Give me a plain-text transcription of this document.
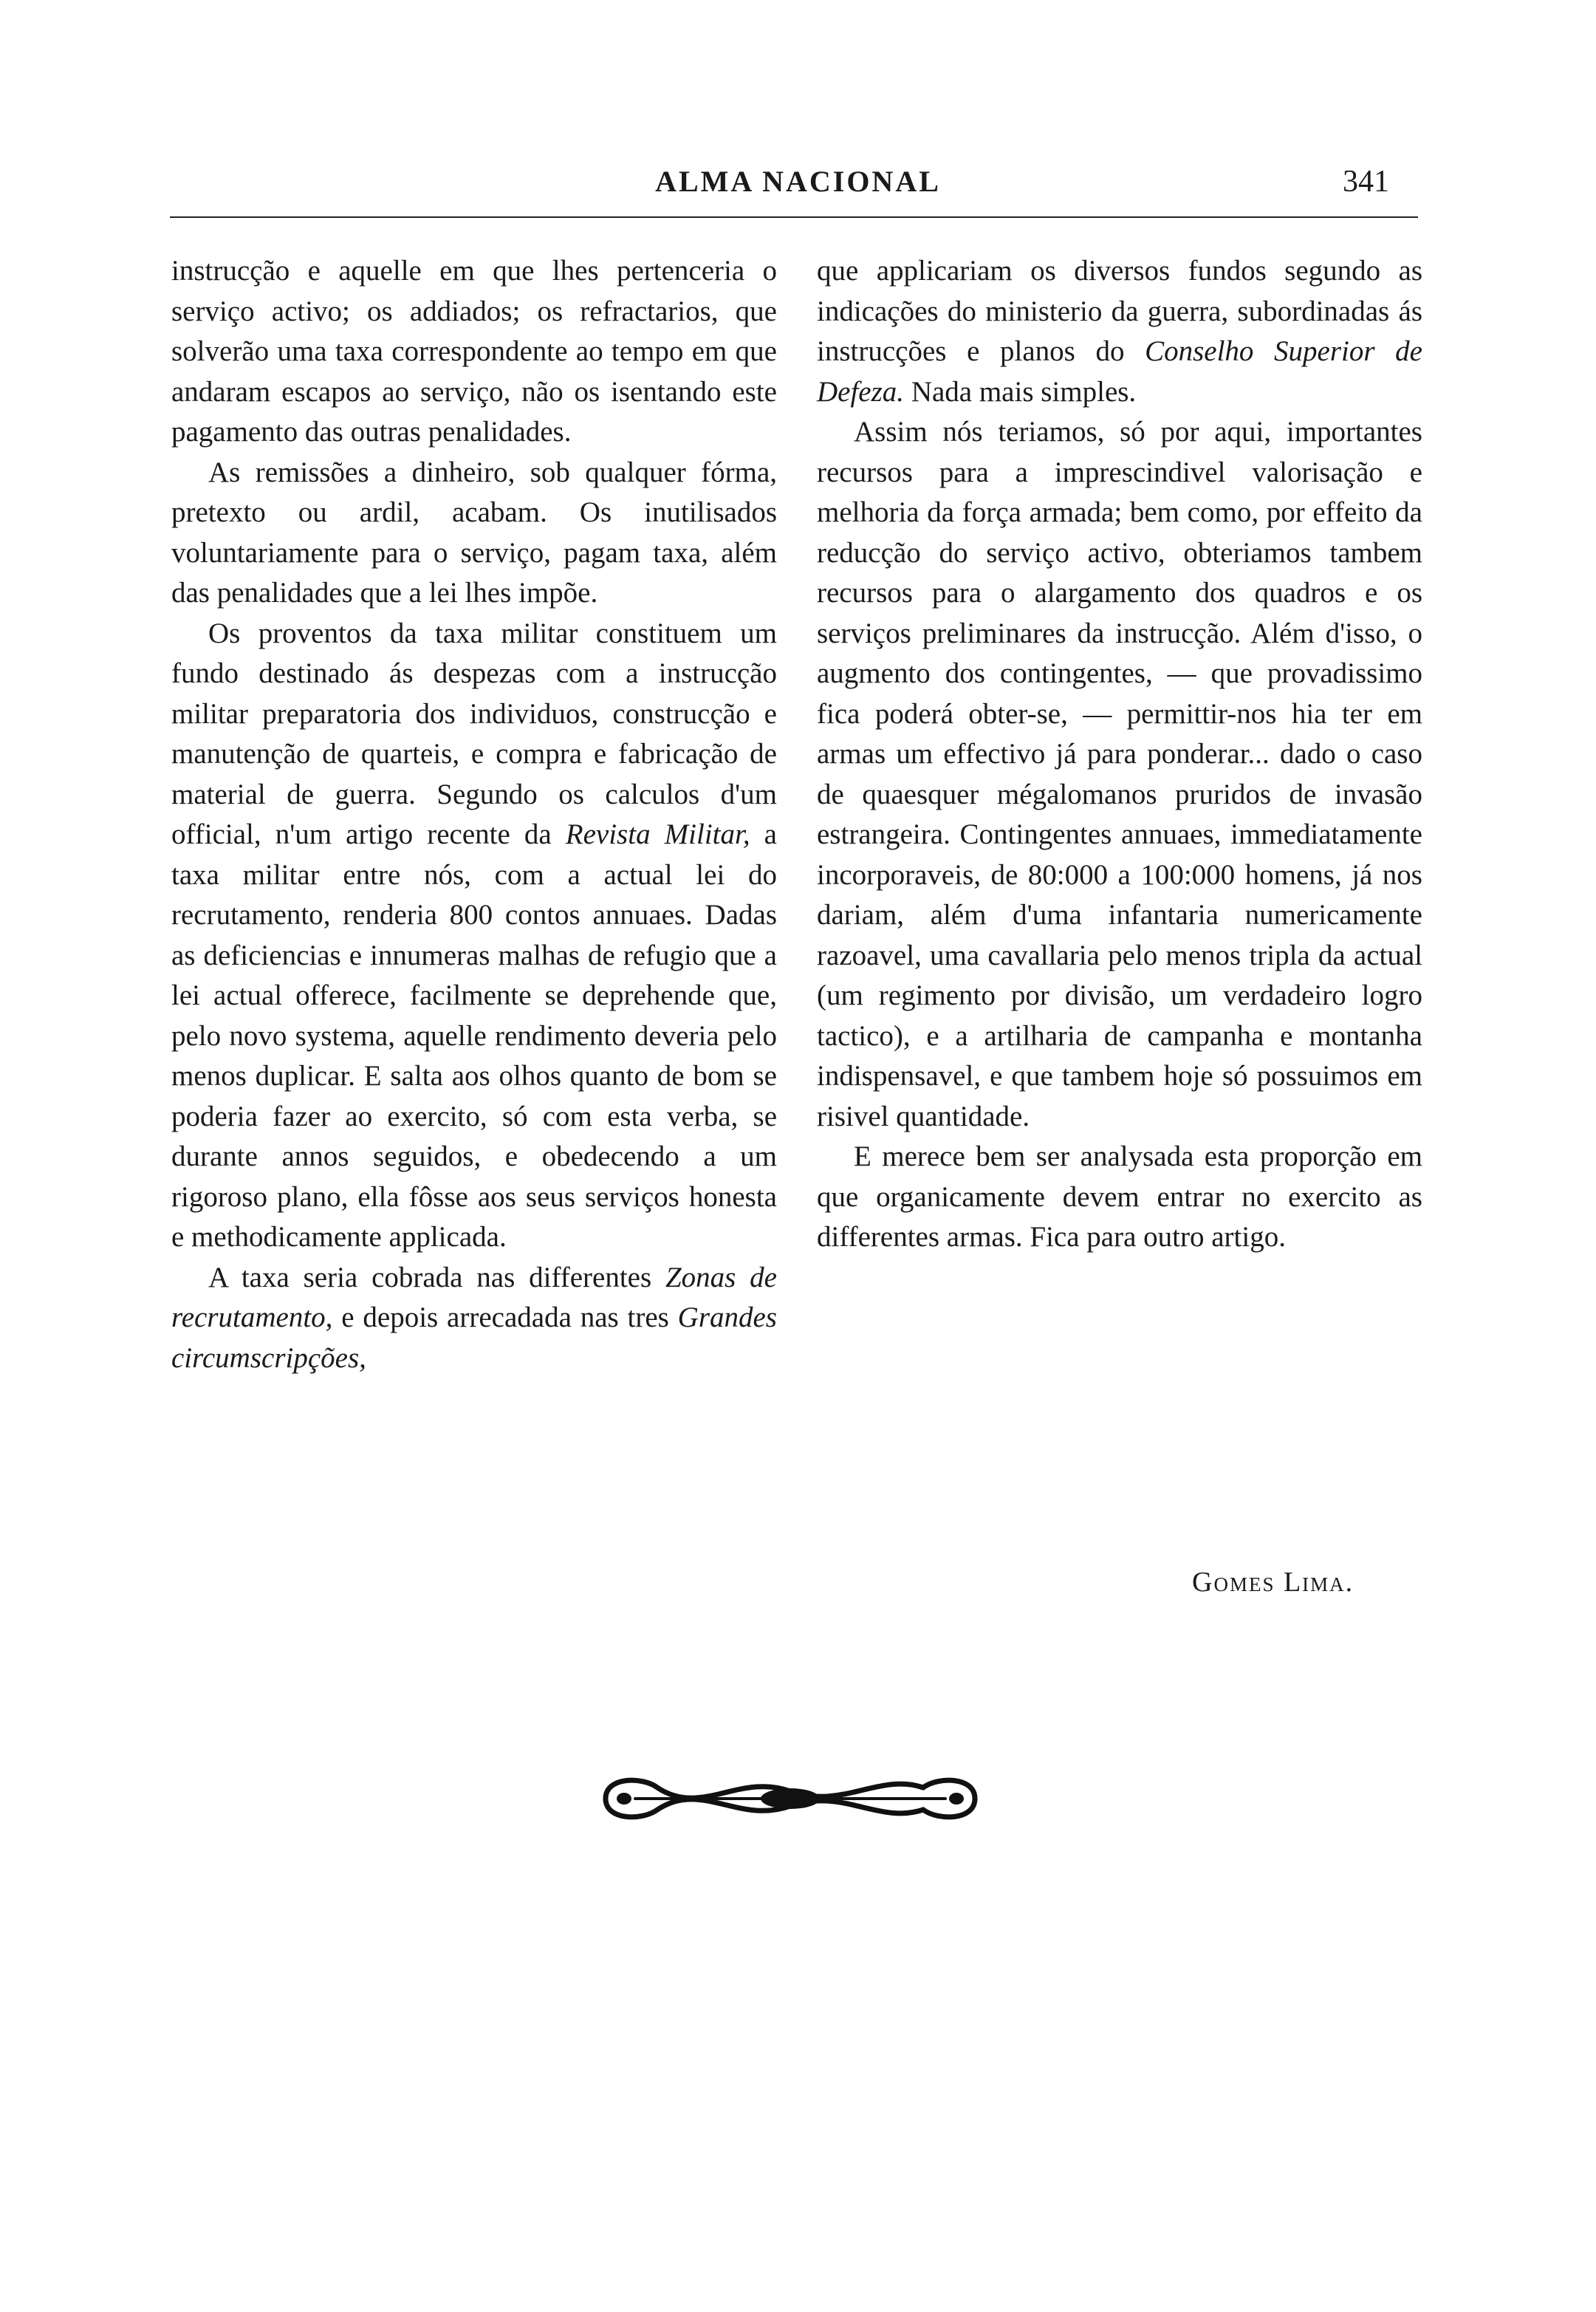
ALMA NACIONAL	341

instrucção e aquelle em que lhes pertenceria o serviço activo; os addiados; os refractarios, que solverão uma taxa correspondente ao tempo em que andaram escapos ao serviço, não os isentando este pagamento das outras penalidades.

As remissões a dinheiro, sob qualquer fórma, pretexto ou ardil, acabam. Os inutilisados voluntariamente para o serviço, pagam taxa, além das penalidades que a lei lhes impõe.

Os proventos da taxa militar constituem um fundo destinado ás despezas com a instrucção militar preparatoria dos individuos, construcção e manutenção de quarteis, e compra e fabricação de material de guerra. Segundo os calculos d'um official, n'um artigo recente da Revista Militar, a taxa militar entre nós, com a actual lei do recrutamento, renderia 800 contos annuaes. Dadas as deficiencias e innumeras malhas de refugio que a lei actual offerece, facilmente se deprehende que, pelo novo systema, aquelle rendimento deveria pelo menos duplicar. E salta aos olhos quanto de bom se poderia fazer ao exercito, só com esta verba, se durante annos seguidos, e obedecendo a um rigoroso plano, ella fôsse aos seus serviços honesta e methodicamente applicada.

A taxa seria cobrada nas differentes Zonas de recrutamento, e depois arrecadada nas tres Grandes circumscripções,

que applicariam os diversos fundos segundo as indicações do ministerio da guerra, subordinadas ás instrucções e planos do Conselho Superior de Defeza. Nada mais simples.

Assim nós teriamos, só por aqui, importantes recursos para a imprescindivel valorisação e melhoria da força armada; bem como, por effeito da reducção do serviço activo, obteriamos tambem recursos para o alargamento dos quadros e os serviços preliminares da instrucção. Além d'isso, o augmento dos contingentes, — que provadissimo fica poderá obter-se, — permittir-nos hia ter em armas um effectivo já para ponderar... dado o caso de quaesquer mégalomanos pruridos de invasão estrangeira. Contingentes annuaes, immediatamente incorporaveis, de 80:000 a 100:000 homens, já nos dariam, além d'uma infantaria numericamente razoavel, uma cavallaria pelo menos tripla da actual (um regimento por divisão, um verdadeiro logro tactico), e a artilharia de campanha e montanha indispensavel, e que tambem hoje só possuimos em risivel quantidade.

E merece bem ser analysada esta proporção em que organicamente devem entrar no exercito as differentes armas. Fica para outro artigo.

Gomes Lima.
